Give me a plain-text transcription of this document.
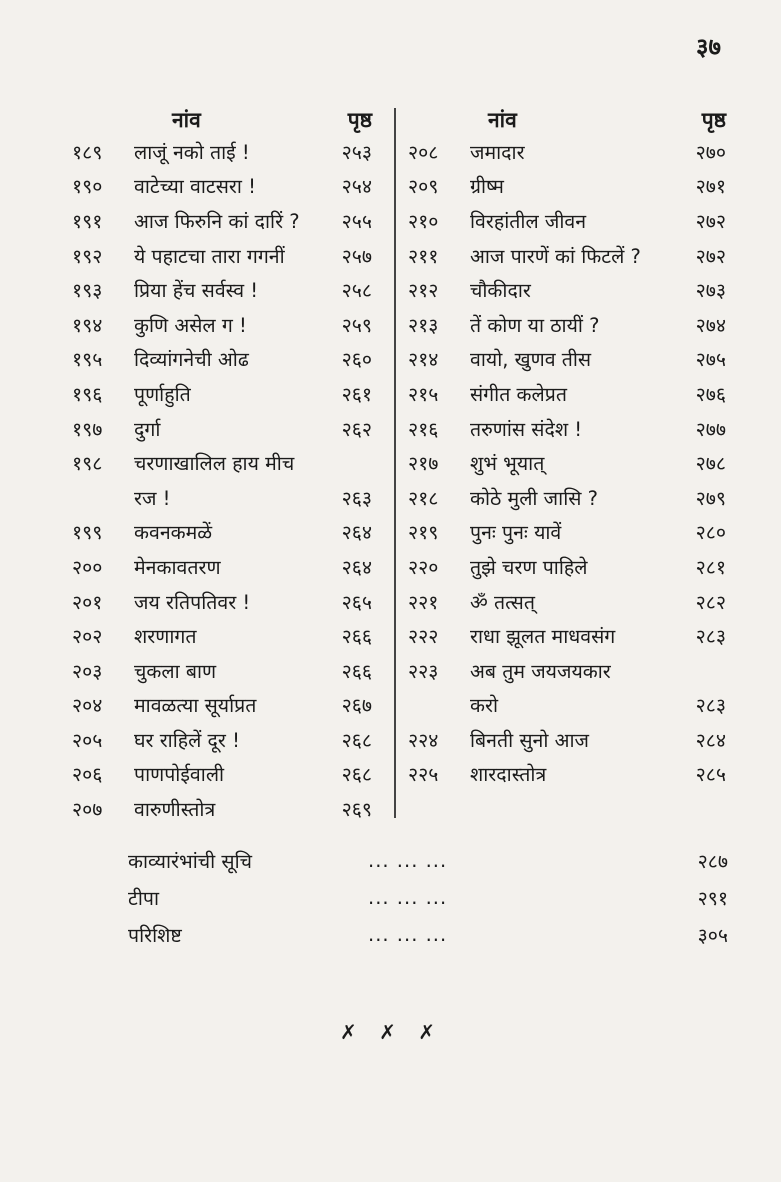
३७
नांव	पृष्ठ
१८९	लाजूं नको ताई !	२५३
१९०	वाटेच्या वाटसरा !	२५४
१९१	आज फिरुनि कां दारिं ?	२५५
१९२	ये पहाटचा तारा गगनीं	२५७
१९३	प्रिया हेंच सर्वस्व !	२५८
१९४	कुणि असेल ग !	२५९
१९५	दिव्यांगनेची ओढ	२६०
१९६	पूर्णाहुति	२६१
१९७	दुर्गा	२६२
१९८	चरणाखालिल हाय मीच
रज !	२६३
१९९	कवनकमळें	२६४
२००	मेनकावतरण	२६४
२०१	जय रतिपतिवर !	२६५
२०२	शरणागत	२६६
२०३	चुकला बाण	२६६
२०४	मावळत्या सूर्याप्रत	२६७
२०५	घर राहिलें दूर !	२६८
२०६	पाणपोईवाली	२६८
२०७	वारुणीस्तोत्र	२६९
नांव	पृष्ठ
२०८	जमादार	२७०
२०९	ग्रीष्म	२७१
२१०	विरहांतील जीवन	२७२
२११	आज पारणें कां फिटलें ?	२७२
२१२	चौकीदार	२७३
२१३	तें कोण या ठायीं ?	२७४
२१४	वायो, खुणव तीस	२७५
२१५	संगीत कलेप्रत	२७६
२१६	तरुणांस संदेश !	२७७
२१७	शुभं भूयात्	२७८
२१८	कोठे मुली जासि ?	२७९
२१९	पुनः पुनः यावें	२८०
२२०	तुझे चरण पाहिले	२८१
२२१	ॐ तत्सत्	२८२
२२२	राधा झूलत माधवसंग	२८३
२२३	अब तुम जयजयकार
करो	२८३
२२४	बिनती सुनो आज	२८४
२२५	शारदास्तोत्र	२८५
काव्यारंभांची सूचि	... ... ...	२८७
टीपा	... ... ...	२९१
परिशिष्ट	... ... ...	३०५
✗ ✗ ✗
